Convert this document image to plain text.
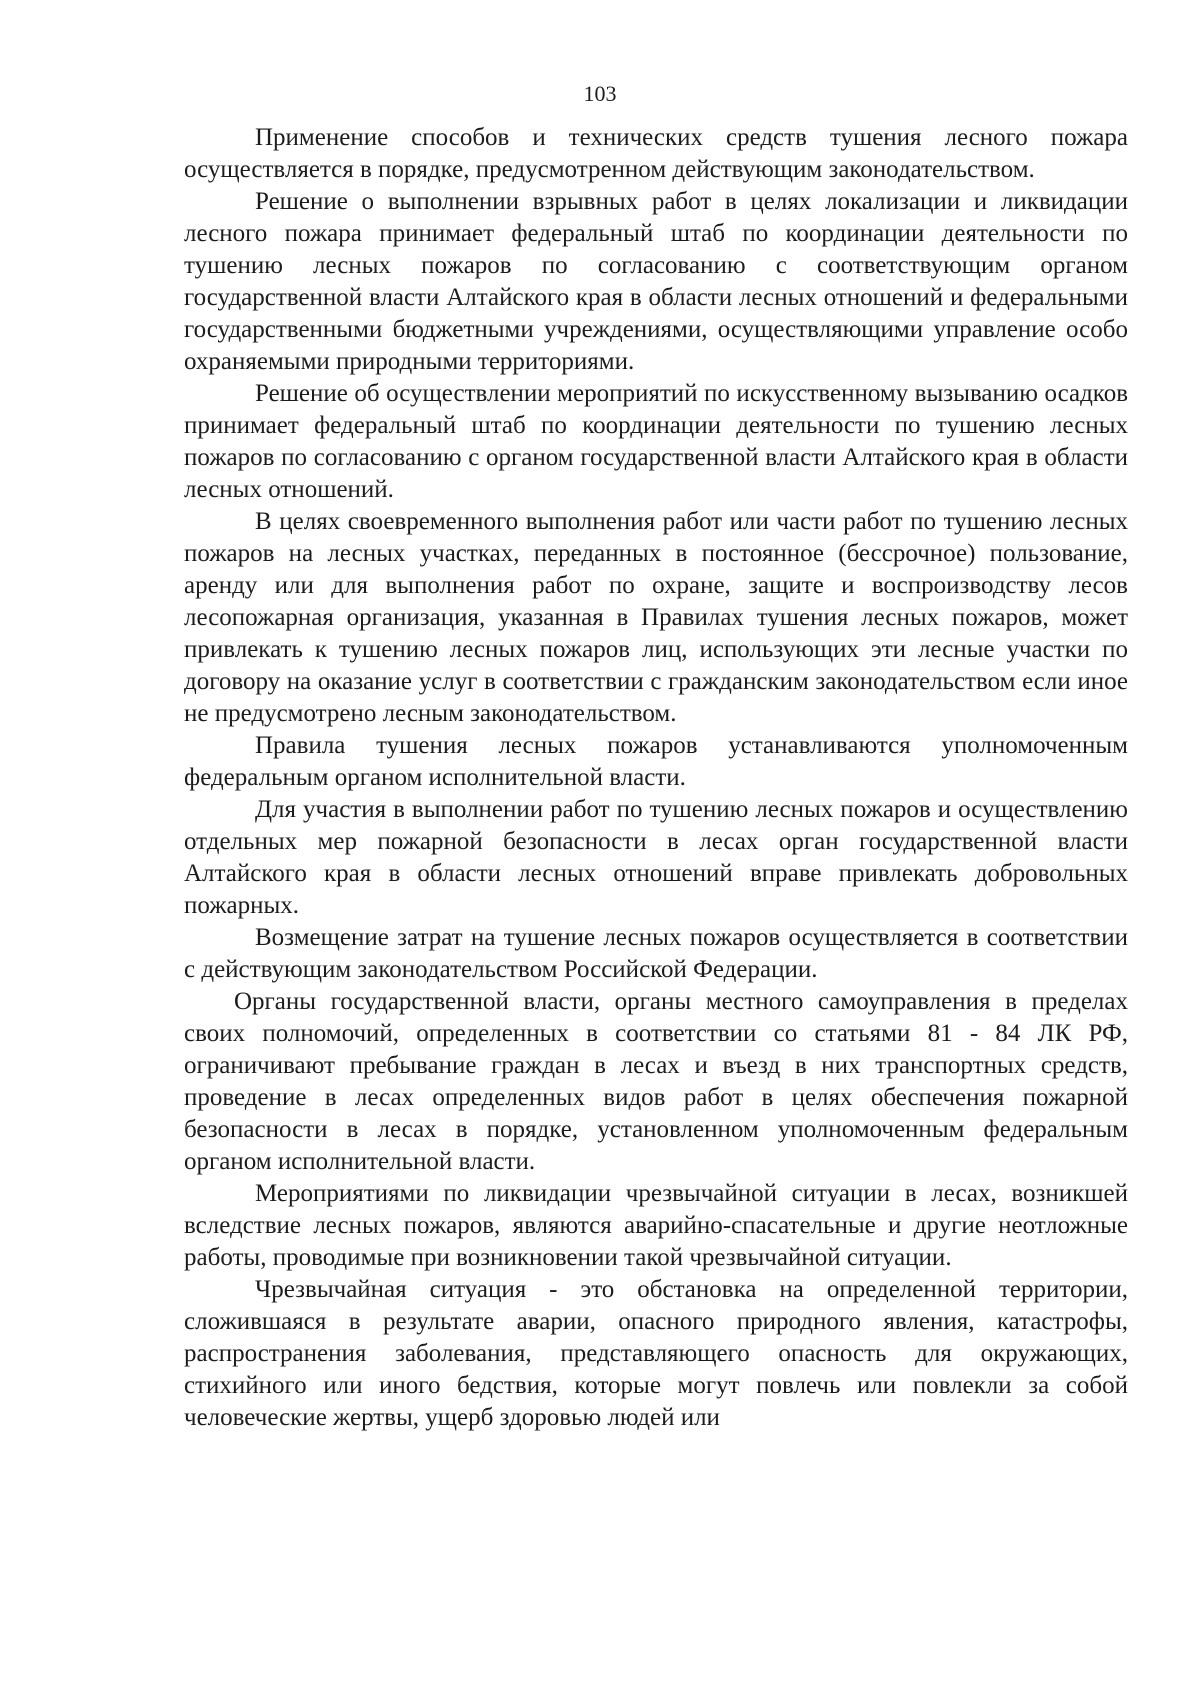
103

Применение способов и технических средств тушения лесного пожара осуществляется в порядке, предусмотренном действующим законодательством.

Решение о выполнении взрывных работ в целях локализации и ликвидации лесного пожара принимает федеральный штаб по координации деятельности по тушению лесных пожаров по согласованию с соответствующим органом государственной власти Алтайского края в области лесных отношений и федеральными государственными бюджетными учреждениями, осуществляющими управление особо охраняемыми природными территориями.

Решение об осуществлении мероприятий по искусственному вызыванию осадков принимает федеральный штаб по координации деятельности по тушению лесных пожаров по согласованию с органом государственной власти Алтайского края в области лесных отношений.

В целях своевременного выполнения работ или части работ по тушению лесных пожаров на лесных участках, переданных в постоянное (бессрочное) пользование, аренду или для выполнения работ по охране, защите и воспроизводству лесов лесопожарная организация, указанная в Правилах тушения лесных пожаров, может привлекать к тушению лесных пожаров лиц, использующих эти лесные участки по договору на оказание услуг в соответствии с гражданским законодательством если иное не предусмотрено лесным законодательством.

Правила тушения лесных пожаров устанавливаются уполномоченным федеральным органом исполнительной власти.

Для участия в выполнении работ по тушению лесных пожаров и осуществлению отдельных мер пожарной безопасности в лесах орган государственной власти Алтайского края в области лесных отношений вправе привлекать добровольных пожарных.

Возмещение затрат на тушение лесных пожаров осуществляется в соответствии с действующим законодательством Российской Федерации.

Органы государственной власти, органы местного самоуправления в пределах своих полномочий, определенных в соответствии со статьями 81 - 84 ЛК РФ, ограничивают пребывание граждан в лесах и въезд в них транспортных средств, проведение в лесах определенных видов работ в целях обеспечения пожарной безопасности в лесах в порядке, установленном уполномоченным федеральным органом исполнительной власти.

Мероприятиями по ликвидации чрезвычайной ситуации в лесах, возникшей вследствие лесных пожаров, являются аварийно-спасательные и другие неотложные работы, проводимые при возникновении такой чрезвычайной ситуации.

Чрезвычайная ситуация - это обстановка на определенной территории, сложившаяся в результате аварии, опасного природного явления, катастрофы, распространения заболевания, представляющего опасность для окружающих, стихийного или иного бедствия, которые могут повлечь или повлекли за собой человеческие жертвы, ущерб здоровью людей или
